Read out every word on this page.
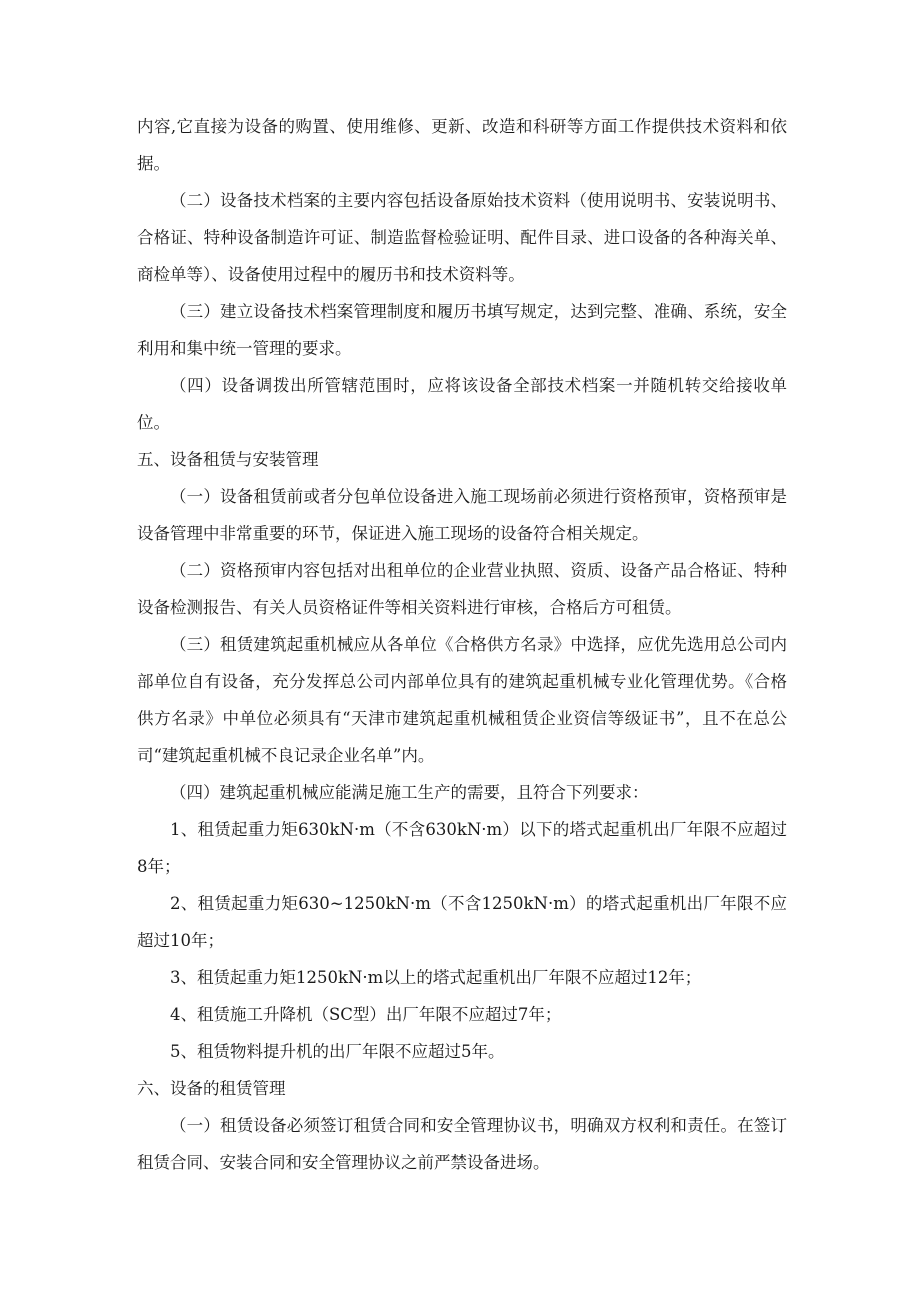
内容,它直接为设备的购置、使用维修、更新、改造和科研等方面工作提供技术资料和依据。

（二）设备技术档案的主要内容包括设备原始技术资料（使用说明书、安装说明书、合格证、特种设备制造许可证、制造监督检验证明、配件目录、进口设备的各种海关单、商检单等）、设备使用过程中的履历书和技术资料等。

（三）建立设备技术档案管理制度和履历书填写规定，达到完整、准确、系统，安全利用和集中统一管理的要求。

（四）设备调拨出所管辖范围时，应将该设备全部技术档案一并随机转交给接收单位。

五、设备租赁与安装管理

（一）设备租赁前或者分包单位设备进入施工现场前必须进行资格预审，资格预审是设备管理中非常重要的环节，保证进入施工现场的设备符合相关规定。

（二）资格预审内容包括对出租单位的企业营业执照、资质、设备产品合格证、特种设备检测报告、有关人员资格证件等相关资料进行审核，合格后方可租赁。

（三）租赁建筑起重机械应从各单位《合格供方名录》中选择，应优先选用总公司内部单位自有设备，充分发挥总公司内部单位具有的建筑起重机械专业化管理优势。《合格供方名录》中单位必须具有“天津市建筑起重机械租赁企业资信等级证书”，且不在总公司“建筑起重机械不良记录企业名单”内。

（四）建筑起重机械应能满足施工生产的需要，且符合下列要求：

1、租赁起重力矩630kN·m（不含630kN·m）以下的塔式起重机出厂年限不应超过8年；

2、租赁起重力矩630~1250kN·m（不含1250kN·m）的塔式起重机出厂年限不应超过10年；

3、租赁起重力矩1250kN·m以上的塔式起重机出厂年限不应超过12年；

4、租赁施工升降机（SC型）出厂年限不应超过7年；

5、租赁物料提升机的出厂年限不应超过5年。

六、设备的租赁管理

（一）租赁设备必须签订租赁合同和安全管理协议书，明确双方权利和责任。在签订租赁合同、安装合同和安全管理协议之前严禁设备进场。
